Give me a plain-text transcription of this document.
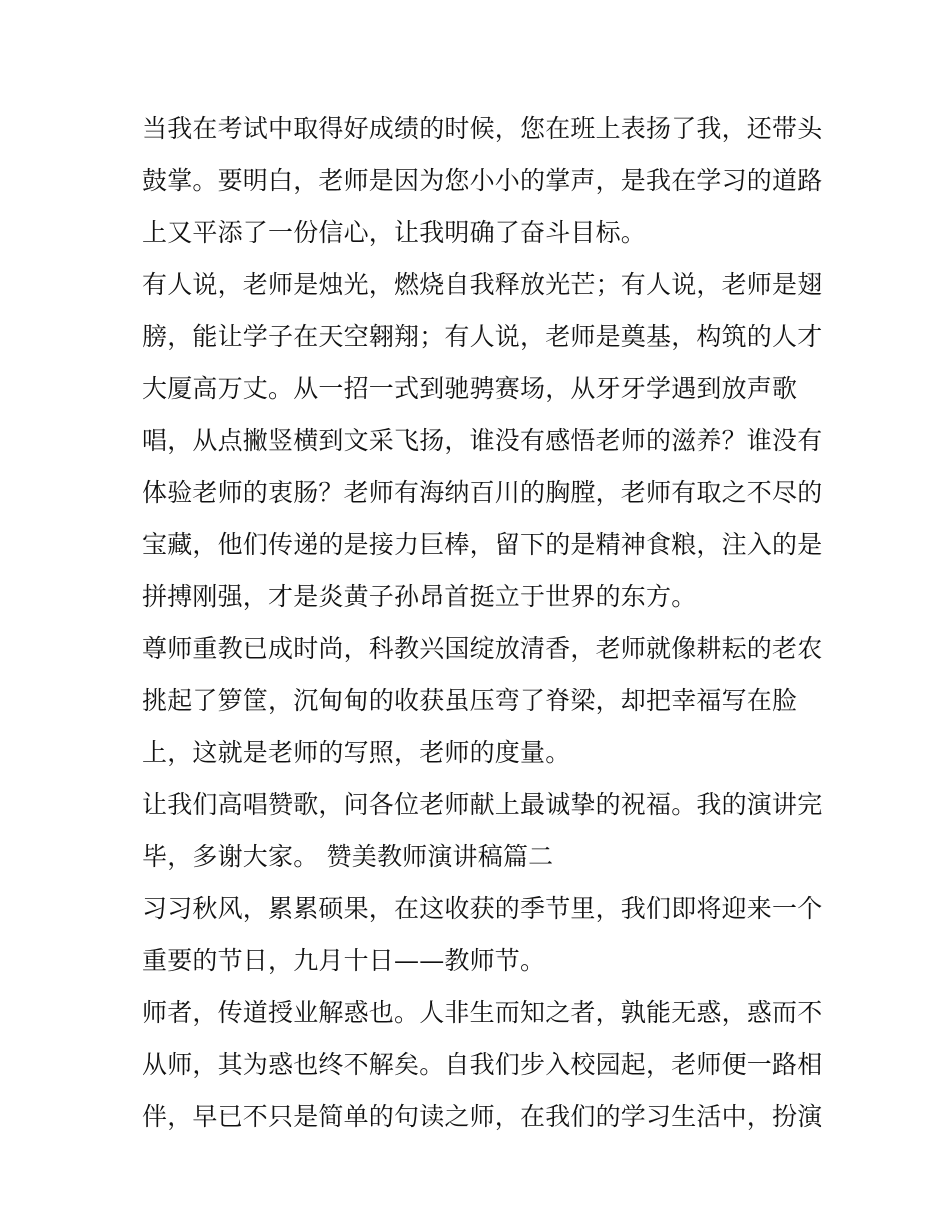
当我在考试中取得好成绩的时候，您在班上表扬了我，还带头
鼓掌。要明白，老师是因为您小小的掌声，是我在学习的道路
上又平添了一份信心，让我明确了奋斗目标。
有人说，老师是烛光，燃烧自我释放光芒；有人说，老师是翅
膀，能让学子在天空翱翔；有人说，老师是奠基，构筑的人才
大厦高万丈。从一招一式到驰骋赛场，从牙牙学遇到放声歌
唱，从点撇竖横到文采飞扬，谁没有感悟老师的滋养？谁没有
体验老师的衷肠？老师有海纳百川的胸膛，老师有取之不尽的
宝藏，他们传递的是接力巨棒，留下的是精神食粮，注入的是
拼搏刚强，才是炎黄子孙昂首挺立于世界的东方。
尊师重教已成时尚，科教兴国绽放清香，老师就像耕耘的老农
挑起了箩筐，沉甸甸的收获虽压弯了脊梁，却把幸福写在脸
上，这就是老师的写照，老师的度量。
让我们高唱赞歌，问各位老师献上最诚挚的祝福。我的演讲完
毕，多谢大家。 赞美教师演讲稿篇二
习习秋风，累累硕果，在这收获的季节里，我们即将迎来一个
重要的节日，九月十日——教师节。
师者，传道授业解惑也。人非生而知之者，孰能无惑，惑而不
从师，其为惑也终不解矣。自我们步入校园起，老师便一路相
伴，早已不只是简单的句读之师，在我们的学习生活中，扮演
